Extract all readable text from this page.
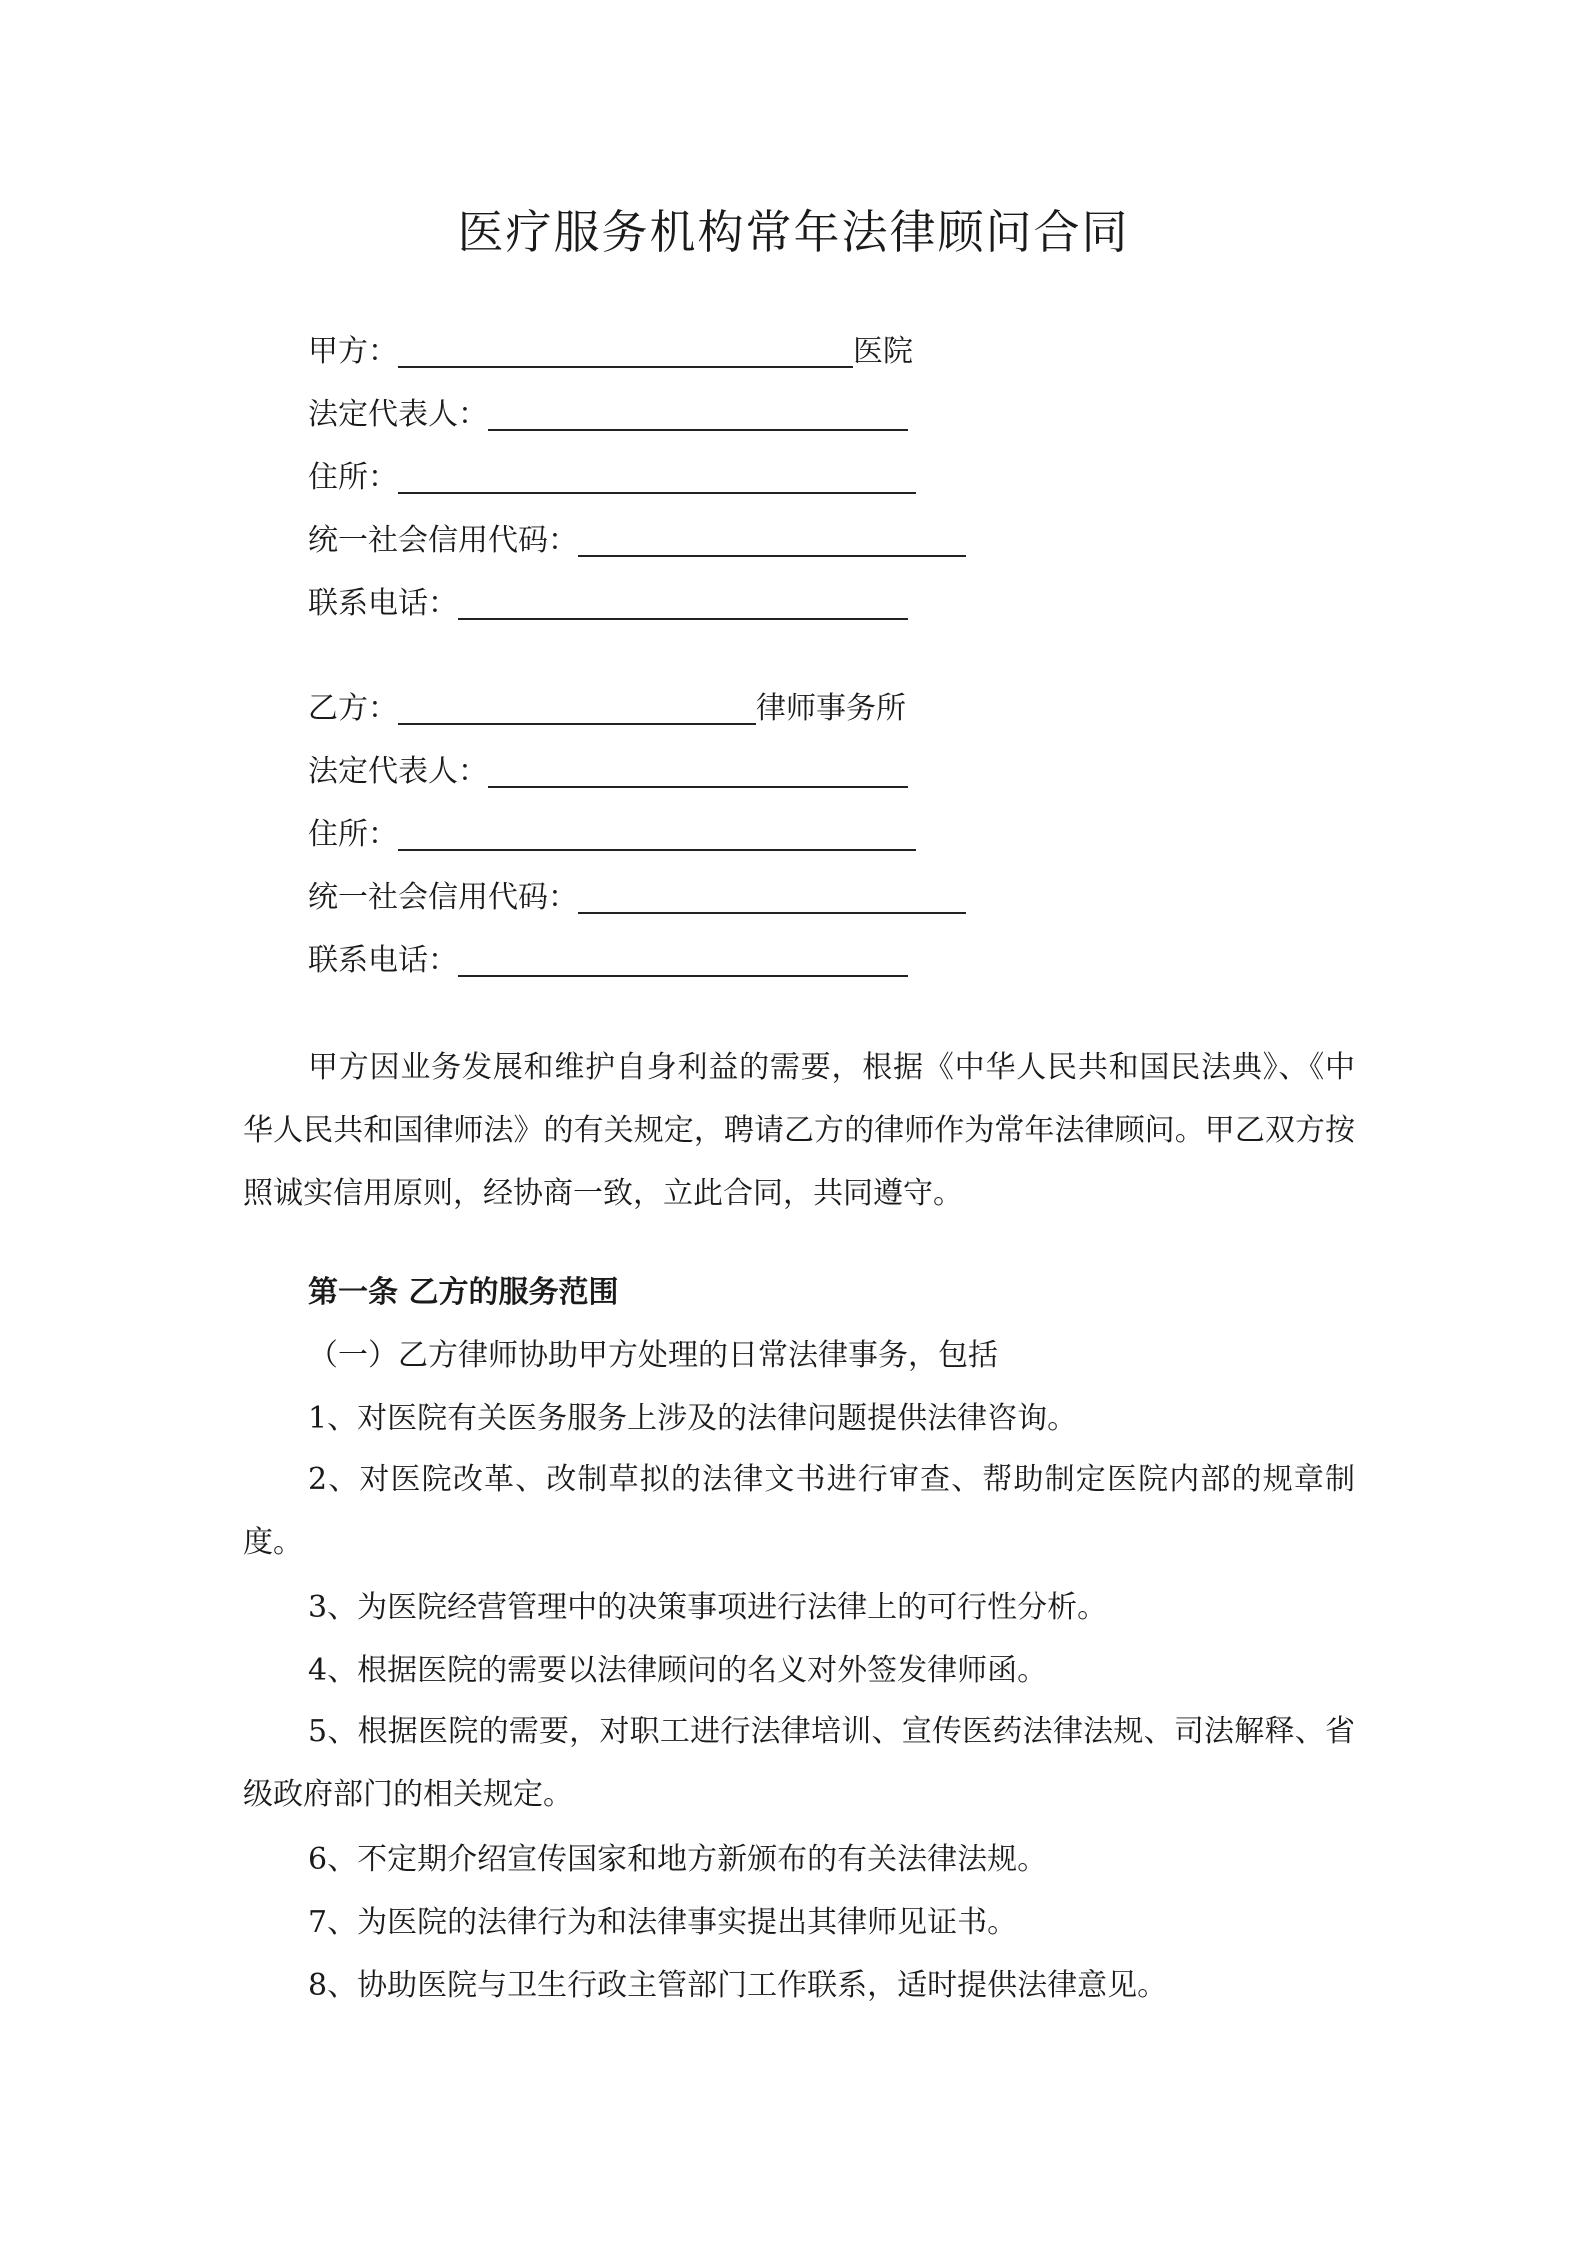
医疗服务机构常年法律顾问合同
甲方：	医院
法定代表人：
住所：
统一社会信用代码：
联系电话：
乙方：	律师事务所
法定代表人：
住所：
统一社会信用代码：
联系电话：

甲方因业务发展和维护自身利益的需要，根据《中华人民共和国民法典》、《中华人民共和国律师法》的有关规定，聘请乙方的律师作为常年法律顾问。甲乙双方按照诚实信用原则，经协商一致，立此合同，共同遵守。

第一条 乙方的服务范围
（一）乙方律师协助甲方处理的日常法律事务，包括
1、对医院有关医务服务上涉及的法律问题提供法律咨询。

2、对医院改革、改制草拟的法律文书进行审查、帮助制定医院内部的规章制度。

3、为医院经营管理中的决策事项进行法律上的可行性分析。
4、根据医院的需要以法律顾问的名义对外签发律师函。

5、根据医院的需要，对职工进行法律培训、宣传医药法律法规、司法解释、省级政府部门的相关规定。

6、不定期介绍宣传国家和地方新颁布的有关法律法规。
7、为医院的法律行为和法律事实提出其律师见证书。
8、协助医院与卫生行政主管部门工作联系，适时提供法律意见。
